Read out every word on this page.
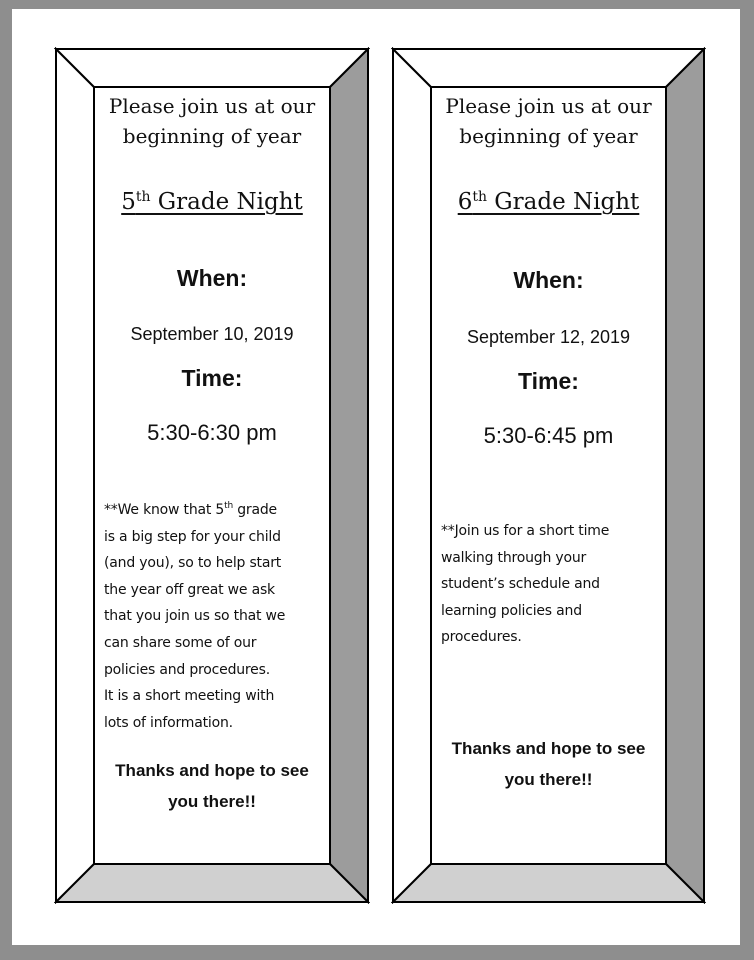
Please join us at our
beginning of year
5th Grade Night
When:
September 10, 2019
Time:
5:30-6:30 pm
**We know that 5th grade
is a big step for your child
(and you), so to help start
the year off great we ask
that you join us so that we
can share some of our
policies and procedures.
It is a short meeting with
lots of information.
Thanks and hope to see
you there!!
Please join us at our
beginning of year
6th Grade Night
When:
September 12, 2019
Time:
5:30-6:45 pm
**Join us for a short time
walking through your
student’s schedule and
learning policies and
procedures.
Thanks and hope to see
you there!!
